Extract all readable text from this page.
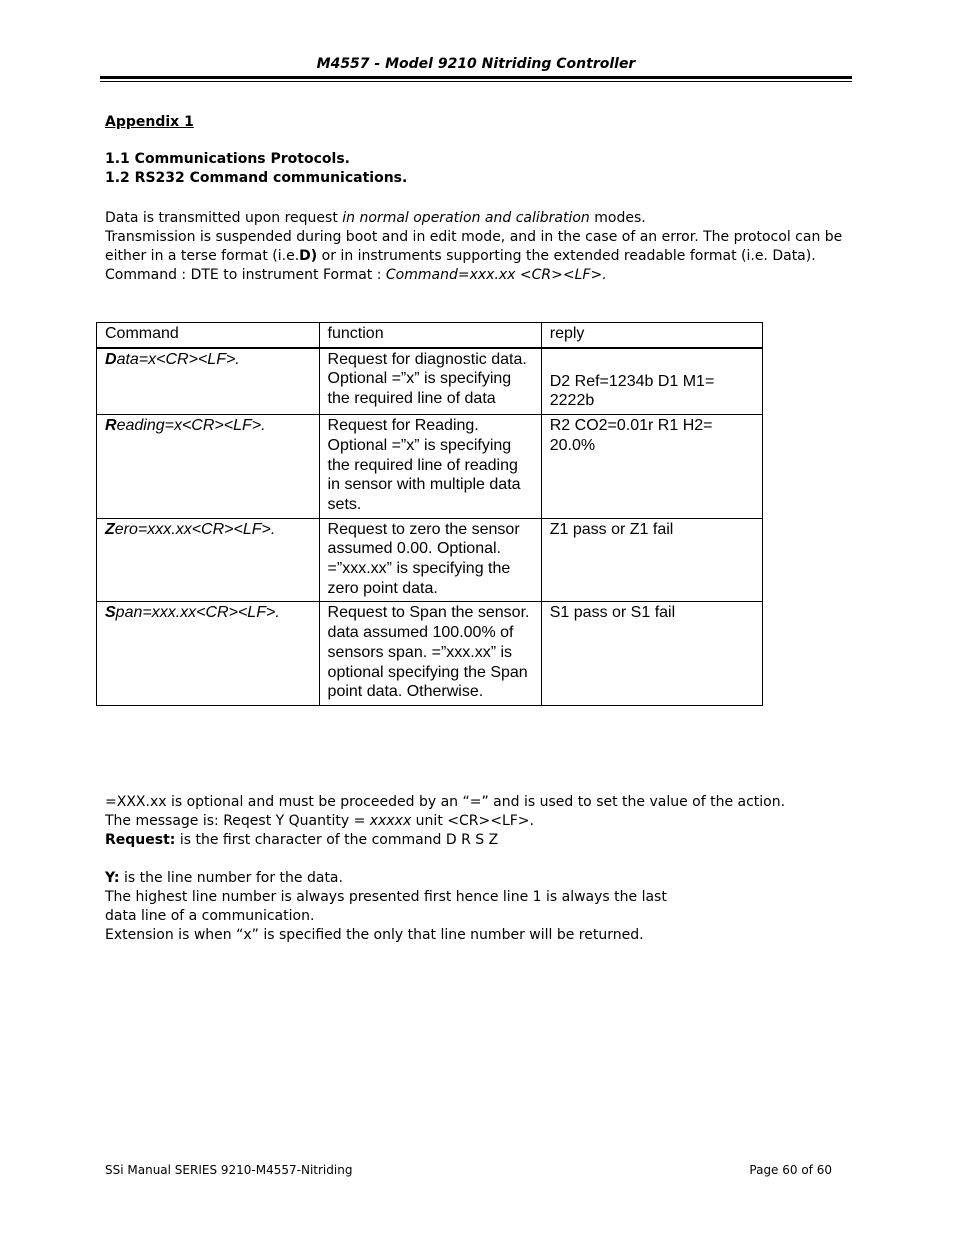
M4557 - Model 9210 Nitriding Controller
Appendix 1
1.1 Communications Protocols.
1.2 RS232 Command communications.

Data is transmitted upon request in normal operation and calibration modes.

Transmission is suspended during boot and in edit mode, and in the case of an error. The protocol can be either in a terse format (i.e.D) or in instruments supporting the extended readable format (i.e. Data).

Command : DTE to instrument Format : Command=xxx.xx <CR><LF>.

Command	function	reply
Data=x<CR><LF>.	Request for diagnostic data. Optional =”x” is specifying the required line of data	D2 Ref=1234b D1 M1= 2222b

Reading=x<CR><LF>.	Request for Reading. Optional =”x” is specifying the required line of reading in sensor with multiple data sets.	R2 CO2=0.01r R1 H2= 20.0%
Zero=xxx.xx<CR><LF>.	Request to zero the sensor assumed 0.00. Optional. =”xxx.xx” is specifying the zero point data.	Z1 pass or Z1 fail
Span=xxx.xx<CR><LF>.	Request to Span the sensor. data assumed 100.00% of sensors span. =”xxx.xx” is optional specifying the Span point data. Otherwise.	S1 pass or S1 fail

=XXX.xx is optional and must be proceeded by an “=” and is used to set the value of the action.

The message is: Reqest Y Quantity = xxxxx unit <CR><LF>.

Request: is the first character of the command D R S Z

Y: is the line number for the data.

The highest line number is always presented first hence line 1 is always the last

data line of a communication.

Extension is when “x” is specified the only that line number will be returned.

SSi Manual SERIES 9210-M4557-Nitriding	Page 60 of 60
